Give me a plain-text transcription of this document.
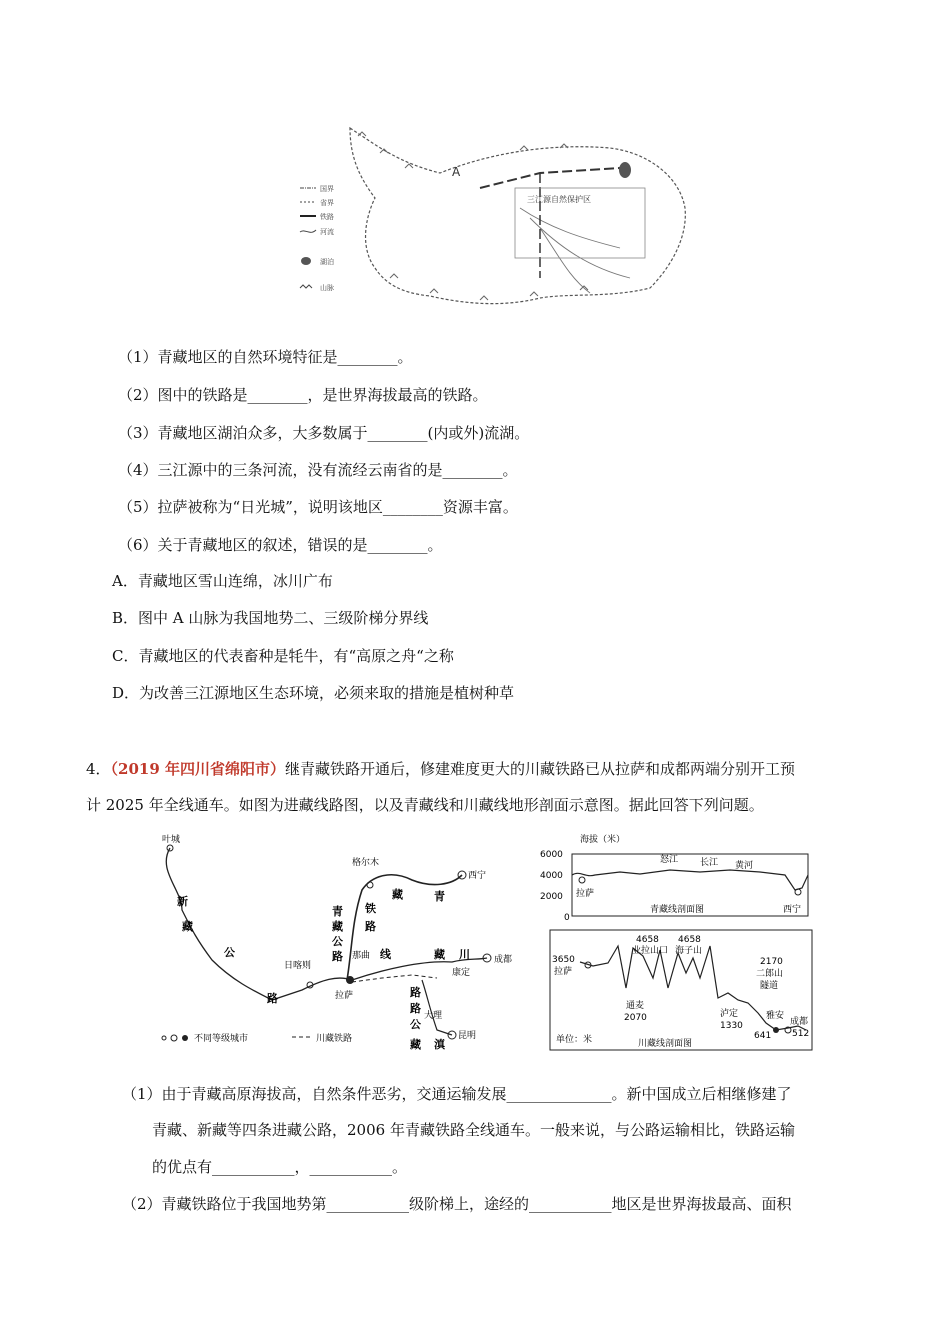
A
三江源自然保护区
国界
省界
铁路
河流
湖泊
山脉
（1）青藏地区的自然环境特征是________。
（2）图中的铁路是________，是世界海拔最高的铁路。
（3）青藏地区湖泊众多，大多数属于________(内或外)流湖。
（4）三江源中的三条河流，没有流经云南省的是________。
（5）拉萨被称为“日光城”，说明该地区________资源丰富。
（6）关于青藏地区的叙述，错误的是________。
A．青藏地区雪山连绵，冰川广布
B．图中 A 山脉为我国地势二、三级阶梯分界线
C．青藏地区的代表畜种是牦牛，有“高原之舟“之称
D．为改善三江源地区生态环境，必须来取的措施是植树种草
4．（2019 年四川省绵阳市）继青藏铁路开通后，修建难度更大的川藏铁路已从拉萨和成都两端分别开工预
计 2025 年全线通车。如图为进藏线路图，以及青藏线和川藏线地形剖面示意图。据此回答下列问题。
叶城
格尔木
西宁
日喀则
那曲
拉萨
成都
康定
大理
昆明
新
藏
公
路
青
藏
铁
路
青
藏
公
路	川
藏
线
路
滇
藏
公
路
不同等级城市	川藏铁路
海拔（米）
6000
4000
2000
0
怒江 长江 黄河
拉萨
西宁
青藏线剖面图
3650
拉萨
4658
业拉山口
4658
海子山
2170
二郎山
隧道
通麦
2070	泸定
1330
雅安
641
成都
512
单位：米	川藏线剖面图
（1）由于青藏高原海拔高，自然条件恶劣，交通运输发展______________。新中国成立后相继修建了
青藏、新藏等四条进藏公路，2006 年青藏铁路全线通车。一般来说，与公路运输相比，铁路运输
的优点有___________，___________。
（2）青藏铁路位于我国地势第___________级阶梯上，途经的___________地区是世界海拔最高、面积
